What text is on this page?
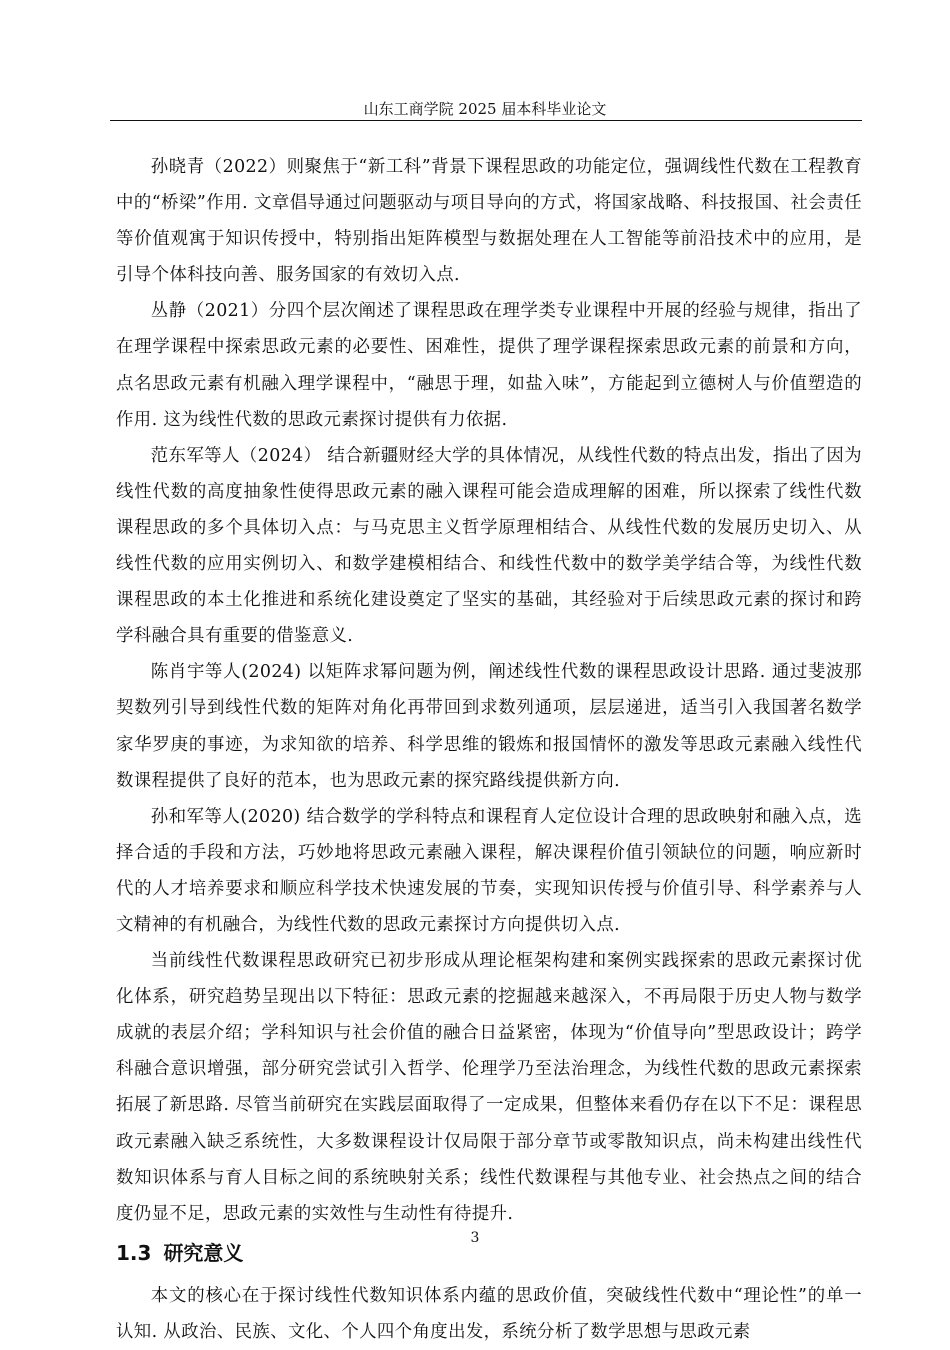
山东工商学院 2025 届本科毕业论文

孙晓青（2022）则聚焦于“新工科”背景下课程思政的功能定位，强调线性代数在工程教育中的“桥梁”作用. 文章倡导通过问题驱动与项目导向的方式，将国家战略、科技报国、社会责任等价值观寓于知识传授中，特别指出矩阵模型与数据处理在人工智能等前沿技术中的应用，是引导个体科技向善、服务国家的有效切入点.

丛静（2021）分四个层次阐述了课程思政在理学类专业课程中开展的经验与规律，指出了在理学课程中探索思政元素的必要性、困难性，提供了理学课程探索思政元素的前景和方向，点名思政元素有机融入理学课程中，“融思于理，如盐入味”，方能起到立德树人与价值塑造的作用. 这为线性代数的思政元素探讨提供有力依据.

范东军等人（2024） 结合新疆财经大学的具体情况，从线性代数的特点出发，指出了因为线性代数的高度抽象性使得思政元素的融入课程可能会造成理解的困难，所以探索了线性代数课程思政的多个具体切入点：与马克思主义哲学原理相结合、从线性代数的发展历史切入、从线性代数的应用实例切入、和数学建模相结合、和线性代数中的数学美学结合等，为线性代数课程思政的本土化推进和系统化建设奠定了坚实的基础，其经验对于后续思政元素的探讨和跨学科融合具有重要的借鉴意义.

陈肖宇等人(2024) 以矩阵求幂问题为例，阐述线性代数的课程思政设计思路. 通过斐波那契数列引导到线性代数的矩阵对角化再带回到求数列通项，层层递进，适当引入我国著名数学家华罗庚的事迹，为求知欲的培养、科学思维的锻炼和报国情怀的激发等思政元素融入线性代数课程提供了良好的范本，也为思政元素的探究路线提供新方向.

孙和军等人(2020) 结合数学的学科特点和课程育人定位设计合理的思政映射和融入点，选择合适的手段和方法，巧妙地将思政元素融入课程，解决课程价值引领缺位的问题，响应新时代的人才培养要求和顺应科学技术快速发展的节奏，实现知识传授与价值引导、科学素养与人文精神的有机融合，为线性代数的思政元素探讨方向提供切入点.

当前线性代数课程思政研究已初步形成从理论框架构建和案例实践探索的思政元素探讨优化体系，研究趋势呈现出以下特征：思政元素的挖掘越来越深入，不再局限于历史人物与数学成就的表层介绍；学科知识与社会价值的融合日益紧密，体现为“价值导向”型思政设计；跨学科融合意识增强，部分研究尝试引入哲学、伦理学乃至法治理念，为线性代数的思政元素探索拓展了新思路. 尽管当前研究在实践层面取得了一定成果，但整体来看仍存在以下不足：课程思政元素融入缺乏系统性，大多数课程设计仅局限于部分章节或零散知识点，尚未构建出线性代数知识体系与育人目标之间的系统映射关系；线性代数课程与其他专业、社会热点之间的结合度仍显不足，思政元素的实效性与生动性有待提升.

1.3 研究意义

本文的核心在于探讨线性代数知识体系内蕴的思政价值，突破线性代数中“理论性”的单一认知. 从政治、民族、文化、个人四个角度出发，系统分析了数学思想与思政元素

3
